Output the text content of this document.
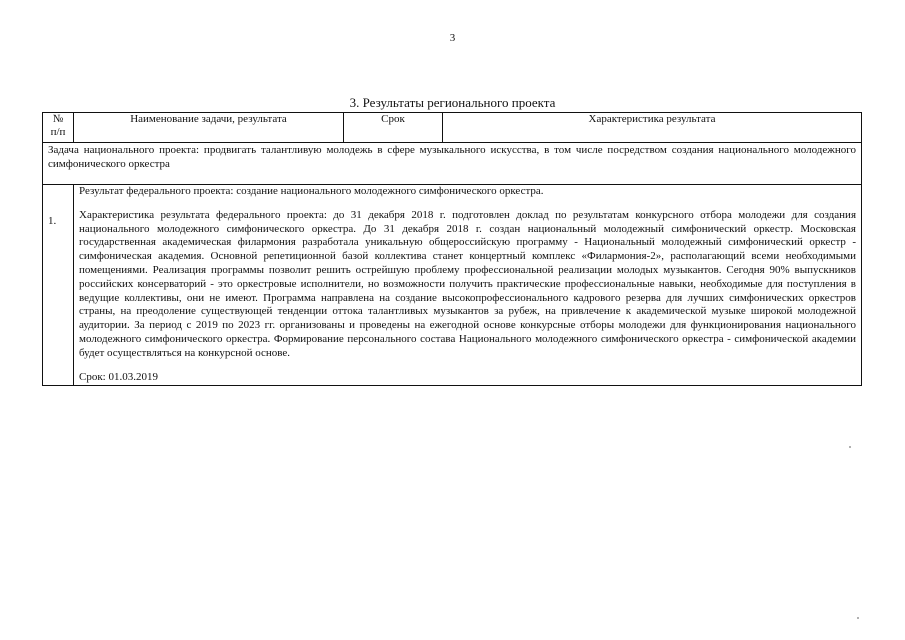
3
3. Результаты регионального проекта
№ п/п	Наименование задачи, результата	Срок	Характеристика результата
Задача национального проекта: продвигать талантливую молодежь в сфере музыкального искусства, в том числе посредством создания национального молодежного симфонического оркестра			
1.	Результат федерального проекта: создание национального молодежного симфонического оркестра.

Характеристика результата федерального проекта: до 31 декабря 2018 г. подготовлен доклад по результатам конкурсного отбора молодежи для создания национального молодежного симфонического оркестра. До 31 декабря 2018 г. создан национальный молодежный симфонический оркестр. Московская государственная академическая филармония разработала уникальную общероссийскую программу - Национальный молодежный симфонический оркестр - симфоническая академия. Основной репетиционной базой коллектива станет концертный комплекс «Филармония-2», располагающий всеми необходимыми помещениями. Реализация программы позволит решить острейшую проблему профессиональной реализации молодых музыкантов. Сегодня 90% выпускников российских консерваторий - это оркестровые исполнители, но возможности получить практические профессиональные навыки, необходимые для поступления в ведущие коллективы, они не имеют. Программа направлена на создание высокопрофессионального кадрового резерва для лучших симфонических оркестров страны, на преодоление существующей тенденции оттока талантливых музыкантов за рубеж, на привлечение к академической музыке широкой молодежной аудитории. За период с 2019 по 2023 гг. организованы и проведены на ежегодной основе конкурсные отборы молодежи для функционирования национального молодежного симфонического оркестра. Формирование персонального состава Национального молодежного симфонического оркестра - симфонической академии будет осуществляться на конкурсной основе.

Срок: 01.03.2019		
